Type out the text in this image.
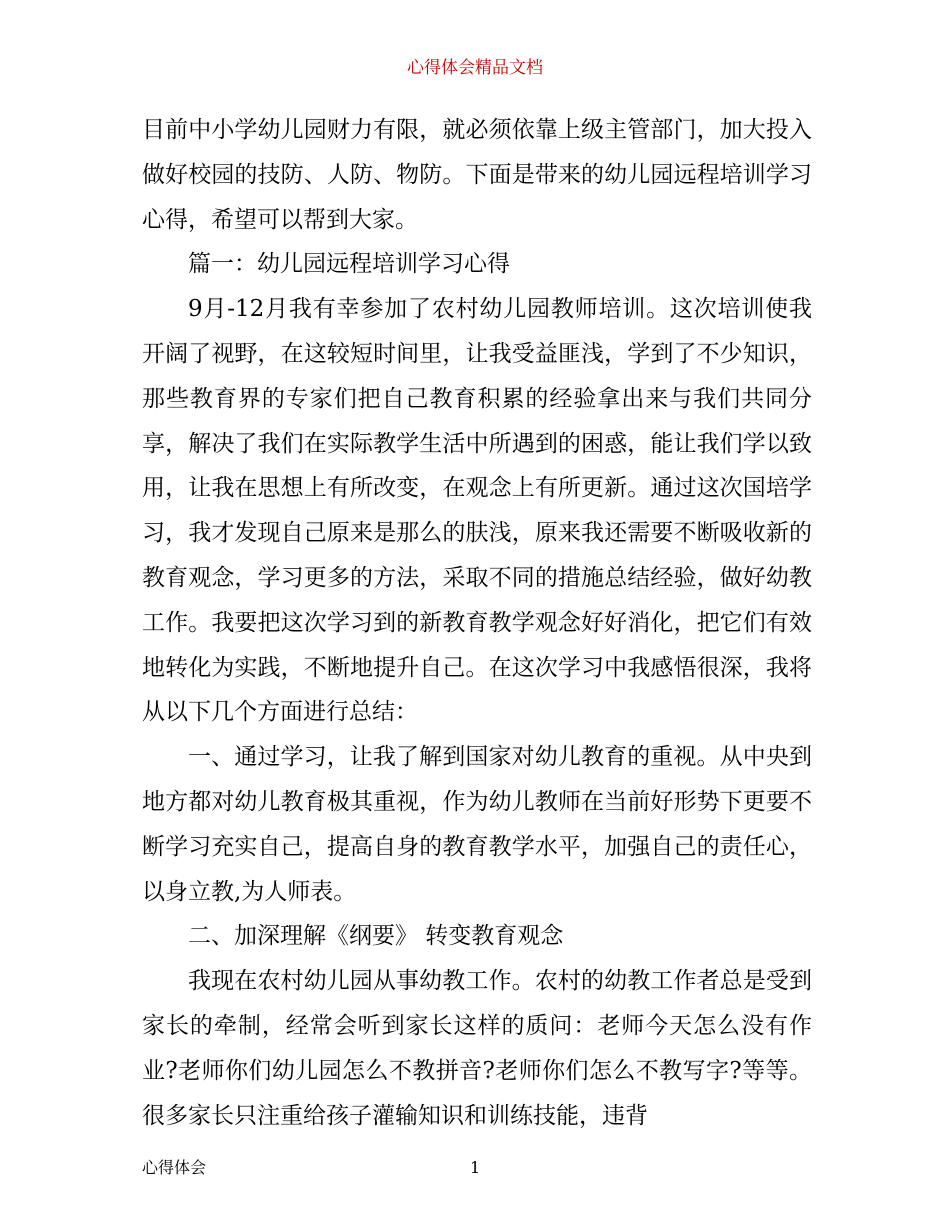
心得体会精品文档

目前中小学幼儿园财力有限，就必须依靠上级主管部门，加大投入做好校园的技防、人防、物防。下面是带来的幼儿园远程培训学习心得，希望可以帮到大家。

篇一：幼儿园远程培训学习心得

9月-12月我有幸参加了农村幼儿园教师培训。这次培训使我开阔了视野，在这较短时间里，让我受益匪浅，学到了不少知识，那些教育界的专家们把自己教育积累的经验拿出来与我们共同分享，解决了我们在实际教学生活中所遇到的困惑，能让我们学以致用，让我在思想上有所改变，在观念上有所更新。通过这次国培学习，我才发现自己原来是那么的肤浅，原来我还需要不断吸收新的教育观念，学习更多的方法，采取不同的措施总结经验，做好幼教工作。我要把这次学习到的新教育教学观念好好消化，把它们有效地转化为实践，不断地提升自己。在这次学习中我感悟很深，我将从以下几个方面进行总结：

一、通过学习，让我了解到国家对幼儿教育的重视。从中央到地方都对幼儿教育极其重视，作为幼儿教师在当前好形势下更要不断学习充实自己，提高自身的教育教学水平，加强自己的责任心，以身立教,为人师表。

二、加深理解《纲要》 转变教育观念

我现在农村幼儿园从事幼教工作。农村的幼教工作者总是受到家长的牵制，经常会听到家长这样的质问：老师今天怎么没有作业?老师你们幼儿园怎么不教拼音?老师你们怎么不教写字?等等。很多家长只注重给孩子灌输知识和训练技能，违背

心得体会	1
